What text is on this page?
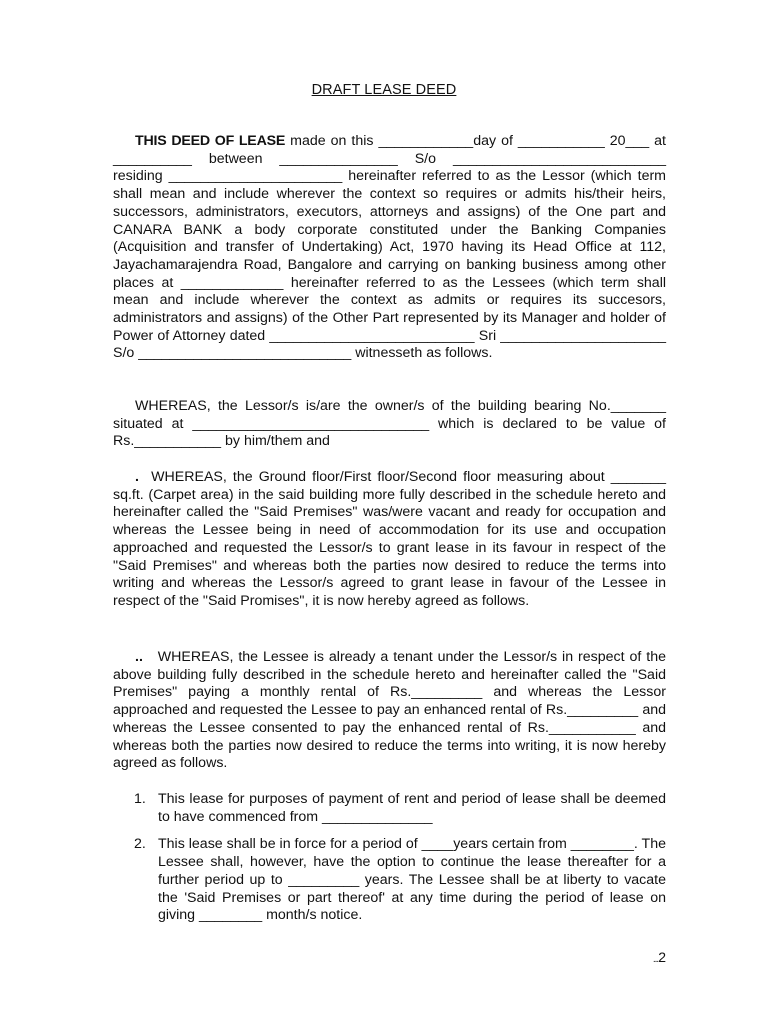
DRAFT LEASE DEED

THIS DEED OF LEASE made on this ____________day of ___________ 20___ at __________ between _______________ S/o ___________________________ residing ______________________ hereinafter referred to as the Lessor (which term shall mean and include wherever the context so requires or admits his/their heirs, successors, administrators, executors, attorneys and assigns) of the One part and CANARA BANK a body corporate constituted under the Banking Companies (Acquisition and transfer of Undertaking) Act, 1970 having its Head Office at 112, Jayachamarajendra Road, Bangalore and carrying on banking business among other places at _____________ hereinafter referred to as the Lessees (which term shall mean and include wherever the context as admits or requires its succesors, administrators and assigns) of the Other Part represented by its Manager and holder of Power of Attorney dated __________________________ Sri _____________________ S/o ___________________________ witnesseth as follows.

WHEREAS, the Lessor/s is/are the owner/s of the building bearing No._______ situated at ______________________________ which is declared to be value of Rs.___________ by him/them and

. WHEREAS, the Ground floor/First floor/Second floor measuring about _______ sq.ft. (Carpet area) in the said building more fully described in the schedule hereto and hereinafter called the "Said Premises" was/were vacant and ready for occupation and whereas the Lessee being in need of accommodation for its use and occupation approached and requested the Lessor/s to grant lease in its favour in respect of the "Said Premises" and whereas both the parties now desired to reduce the terms into writing and whereas the Lessor/s agreed to grant lease in favour of the Lessee in respect of the "Said Promises", it is now hereby agreed as follows.

.. WHEREAS, the Lessee is already a tenant under the Lessor/s in respect of the above building fully described in the schedule hereto and hereinafter called the "Said Premises" paying a monthly rental of Rs._________ and whereas the Lessor approached and requested the Lessee to pay an enhanced rental of Rs._________ and whereas the Lessee consented to pay the enhanced rental of Rs.___________ and whereas both the parties now desired to reduce the terms into writing, it is now hereby agreed as follows.

1. This lease for purposes of payment of rent and period of lease shall be deemed to have commenced from ______________
2. This lease shall be in force for a period of ____years certain from ________. The Lessee shall, however, have the option to continue the lease thereafter for a further period up to _________ years. The Lessee shall be at liberty to vacate the 'Said Premises or part thereof' at any time during the period of lease on giving ________ month/s notice.
...2
